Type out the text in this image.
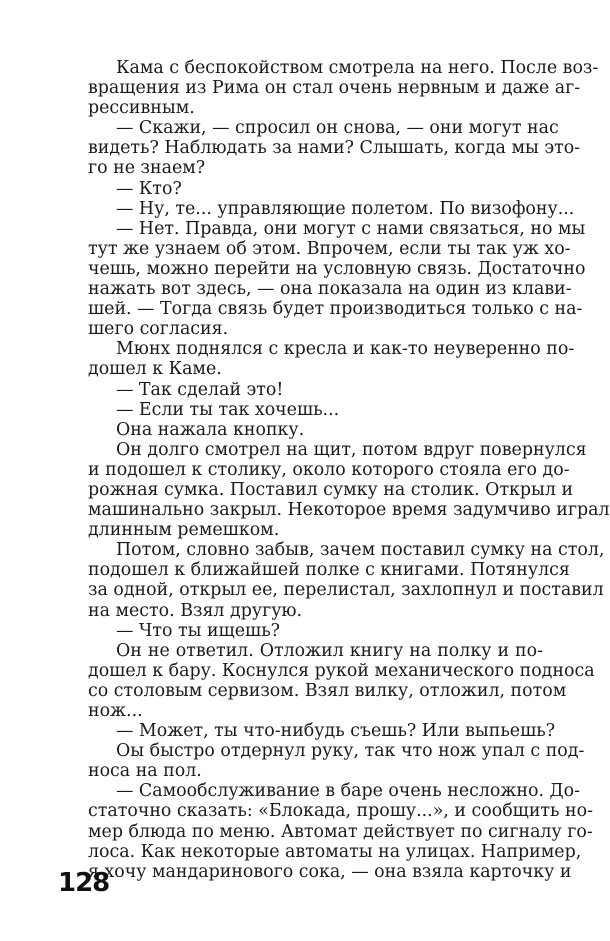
Кама с беспокойством смотрела на него. После воз-
вращения из Рима он стал очень нервным и даже аг-
рессивным.
— Скажи, — спросил он снова, — они могут нас
видеть? Наблюдать за нами? Слышать, когда мы это-
го не знаем?
— Кто?
— Ну, те... управляющие полетом. По визофону...
— Нет. Правда, они могут с нами связаться, но мы
тут же узнаем об этом. Впрочем, если ты так уж хо-
чешь, можно перейти на условную связь. Достаточно
нажать вот здесь, — она показала на один из клави-
шей. — Тогда связь будет производиться только с на-
шего согласия.
Мюнх поднялся с кресла и как-то неуверенно по-
дошел к Каме.
— Так сделай это!
— Если ты так хочешь...
Она нажала кнопку.
Он долго смотрел на щит, потом вдруг повернулся
и подошел к столику, около которого стояла его до-
рожная сумка. Поставил сумку на столик. Открыл и
машинально закрыл. Некоторое время задумчиво играл
длинным ремешком.
Потом, словно забыв, зачем поставил сумку на стол,
подошел к ближайшей полке с книгами. Потянулся
за одной, открыл ее, перелистал, захлопнул и поставил
на место. Взял другую.
— Что ты ищешь?
Он не ответил. Отложил книгу на полку и по-
дошел к бару. Коснулся рукой механического подноса
со столовым сервизом. Взял вилку, отложил, потом
нож...
— Может, ты что-нибудь съешь? Или выпьешь?
Оы быстро отдернул руку, так что нож упал с под-
носа на пол.
— Самообслуживание в баре очень несложно. До-
статочно сказать: «Блокада, прошу...», и сообщить но-
мер блюда по меню. Автомат действует по сигналу го-
лоса. Как некоторые автоматы на улицах. Например,
я хочу мандаринового сока, — она взяла карточку и
128
